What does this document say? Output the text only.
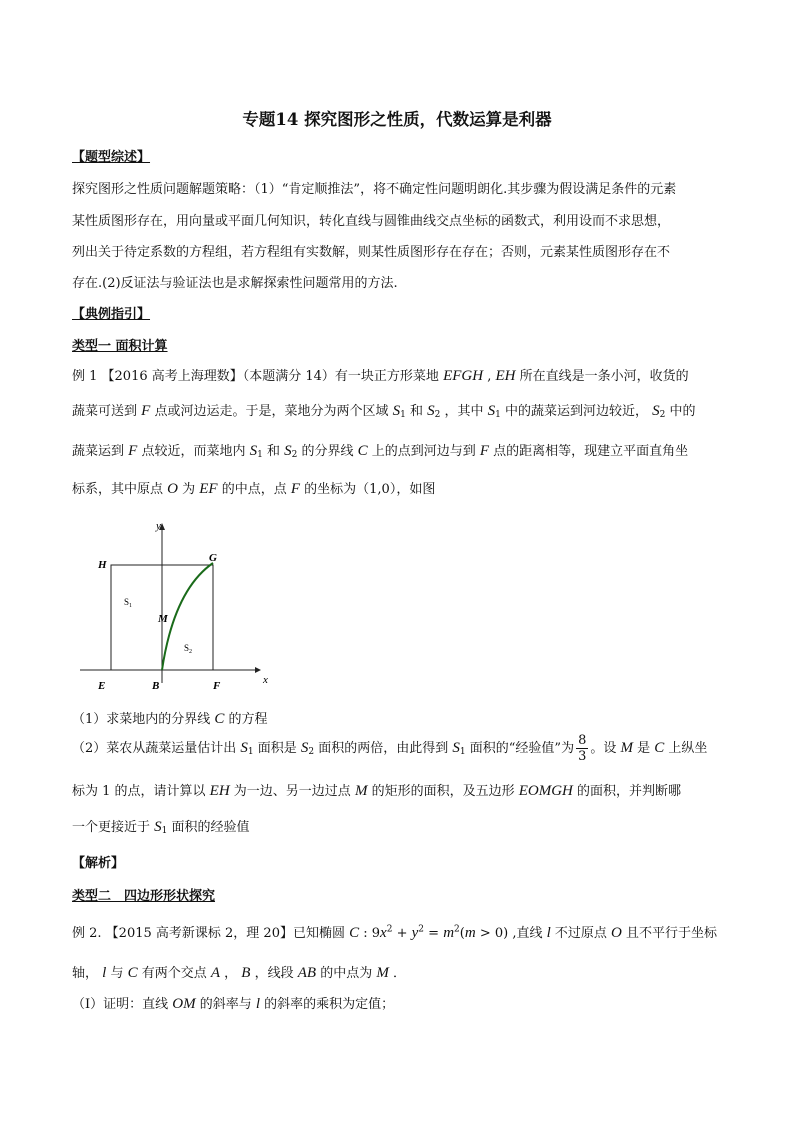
专题14 探究图形之性质，代数运算是利器
【题型综述】
探究图形之性质问题解题策略：（1）“肯定顺推法”，将不确定性问题明朗化.其步骤为假设满足条件的元素
某性质图形存在，用向量或平面几何知识，转化直线与圆锥曲线交点坐标的函数式，利用设而不求思想，
列出关于待定系数的方程组，若方程组有实数解，则某性质图形存在存在；否则，元素某性质图形存在不
存在.(2)反证法与验证法也是求解探索性问题常用的方法.
【典例指引】
类型一 面积计算
例 1 【2016 高考上海理数】（本题满分 14）有一块正方形菜地 EFGH , EH 所在直线是一条小河，收货的
蔬菜可送到 F 点或河边运走。于是，菜地分为两个区域 $S_1$ 和 $S_2$ ，其中 $S_1$ 中的蔬菜运到河边较近， $S_2$ 中的
蔬菜运到 F 点较近，而菜地内 $S_1$ 和 $S_2$ 的分界线 C 上的点到河边与到 F 点的距离相等，现建立平面直角坐
标系，其中原点 O 为 EF 的中点，点 F 的坐标为（1,0），如图
y
x
H
G
E	B	F
M
$S_1$
$S_2$
（1）求菜地内的分界线 C 的方程
（2）菜农从蔬菜运量估计出 $S_1$ 面积是 $S_2$ 面积的两倍，由此得到 $S_1$ 面积的“经验值”为 $\frac{8}{3}$ 。设 M 是 C 上纵坐
标为 1 的点，请计算以 EH 为一边、另一边过点 M 的矩形的面积，及五边形 EOMGH 的面积，并判断哪
一个更接近于 $S_1$ 面积的经验值
【解析】
类型二　四边形形状探究
例 2. 【2015 高考新课标 2，理 20】已知椭圆 C : $9x^2 + y^2 = m^2(m > 0)$ ,直线 l 不过原点 O 且不平行于坐标
轴， l 与 C 有两个交点 A ， B ，线段 AB 的中点为 M ．
（Ⅰ）证明：直线 OM 的斜率与 l 的斜率的乘积为定值；
